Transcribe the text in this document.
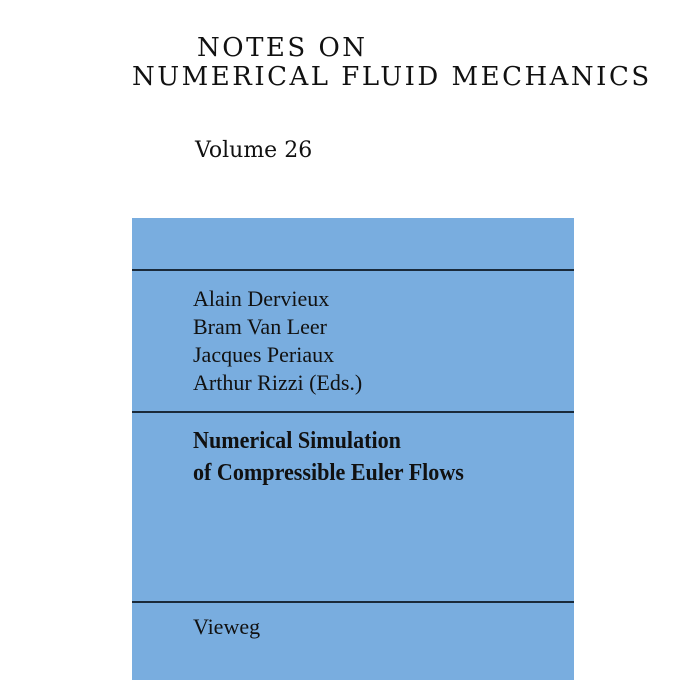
NOTES ON
NUMERICAL FLUID MECHANICS
Volume 26
Alain Dervieux
Bram Van Leer
Jacques Periaux
Arthur Rizzi (Eds.)
Numerical Simulation
of Compressible Euler Flows
Vieweg
